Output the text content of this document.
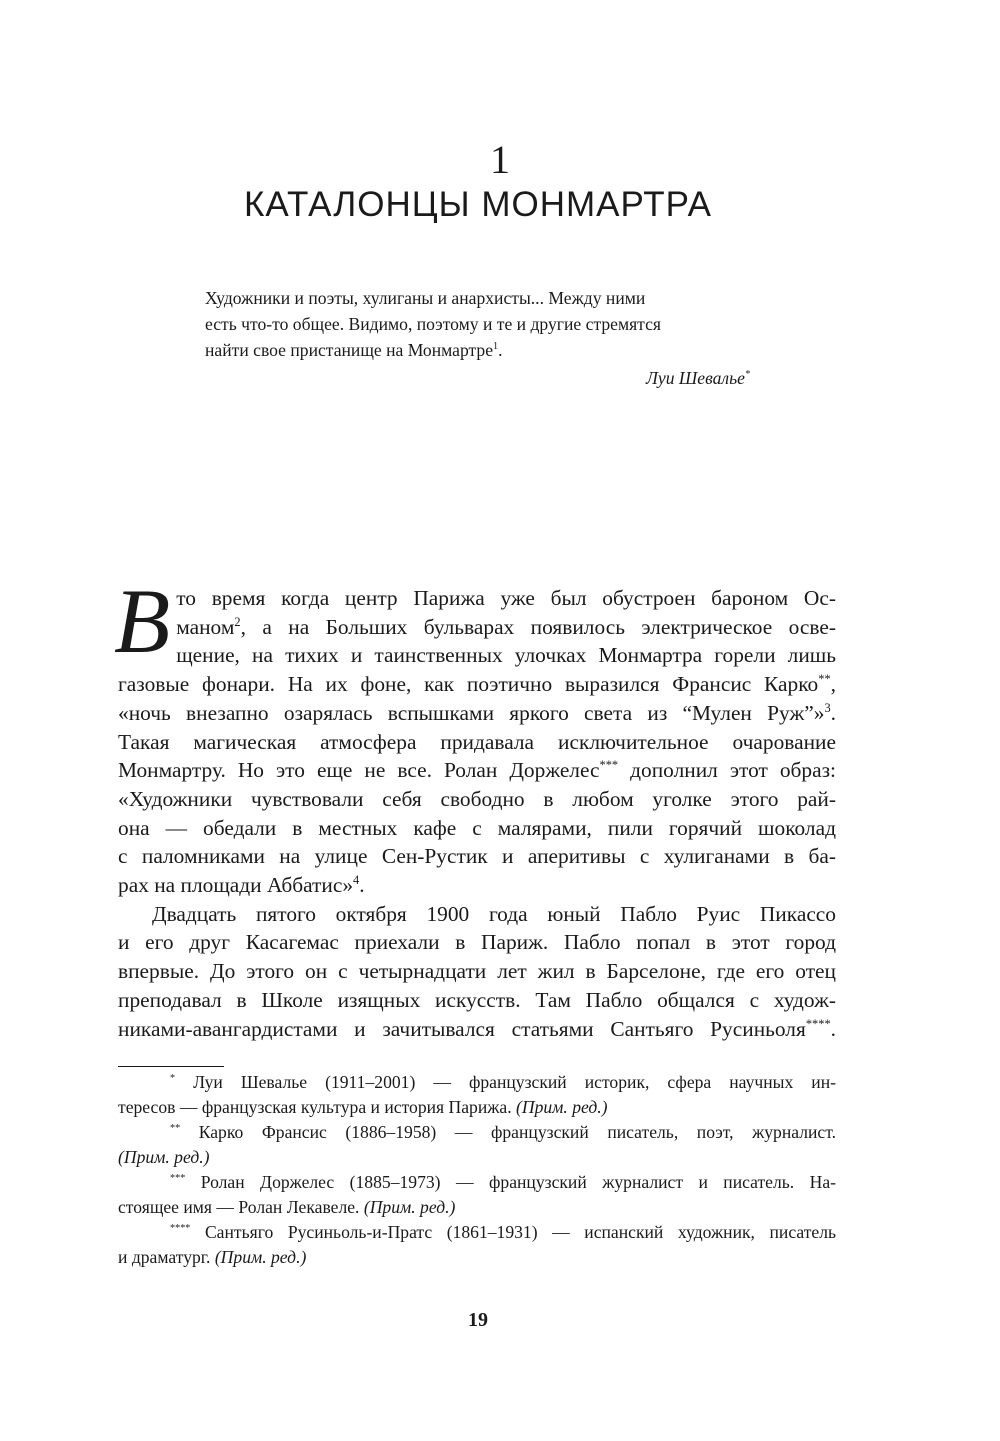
1
КАТАЛОНЦЫ МОНМАРТРА
Художники и поэты, хулиганы и анархисты... Между ними
есть что-то общее. Видимо, поэтому и те и другие стремятся
найти свое пристанище на Монмартре$^1$.
Луи Шевалье*
В то время когда центр Парижа уже был обустроен бароном Ос-
маном$^2$, а на Больших бульварах появилось электрическое осве-
щение, на тихих и таинственных улочках Монмартра горели лишь
газовые фонари. На их фоне, как поэтично выразился Франсис Карко**,
«ночь внезапно озарялась вспышками яркого света из “Мулен Руж”»$^3$.
Такая магическая атмосфера придавала исключительное очарование
Монмартру. Но это еще не все. Ролан Доржелес*** дополнил этот образ:
«Художники чувствовали себя свободно в любом уголке этого рай-
она — обедали в местных кафе с малярами, пили горячий шоколад
с паломниками на улице Сен-Рустик и аперитивы с хулиганами в ба-
рах на площади Аббатис»$^4$.
Двадцать пятого октября 1900 года юный Пабло Руис Пикассо
и его друг Касагемас приехали в Париж. Пабло попал в этот город
впервые. До этого он с четырнадцати лет жил в Барселоне, где его отец
преподавал в Школе изящных искусств. Там Пабло общался с худож-
никами-авангардистами и зачитывался статьями Сантьяго Русиньоля****.
* Луи Шевалье (1911–2001) — французский историк, сфера научных ин-
тересов — французская культура и история Парижа. (Прим. ред.)
** Карко Франсис (1886–1958) — французский писатель, поэт, журналист.
(Прим. ред.)
*** Ролан Доржелес (1885–1973) — французский журналист и писатель. На-
стоящее имя — Ролан Лекавеле. (Прим. ред.)
**** Сантьяго Русиньоль-и-Пратс (1861–1931) — испанский художник, писатель
и драматург. (Прим. ред.)
19
